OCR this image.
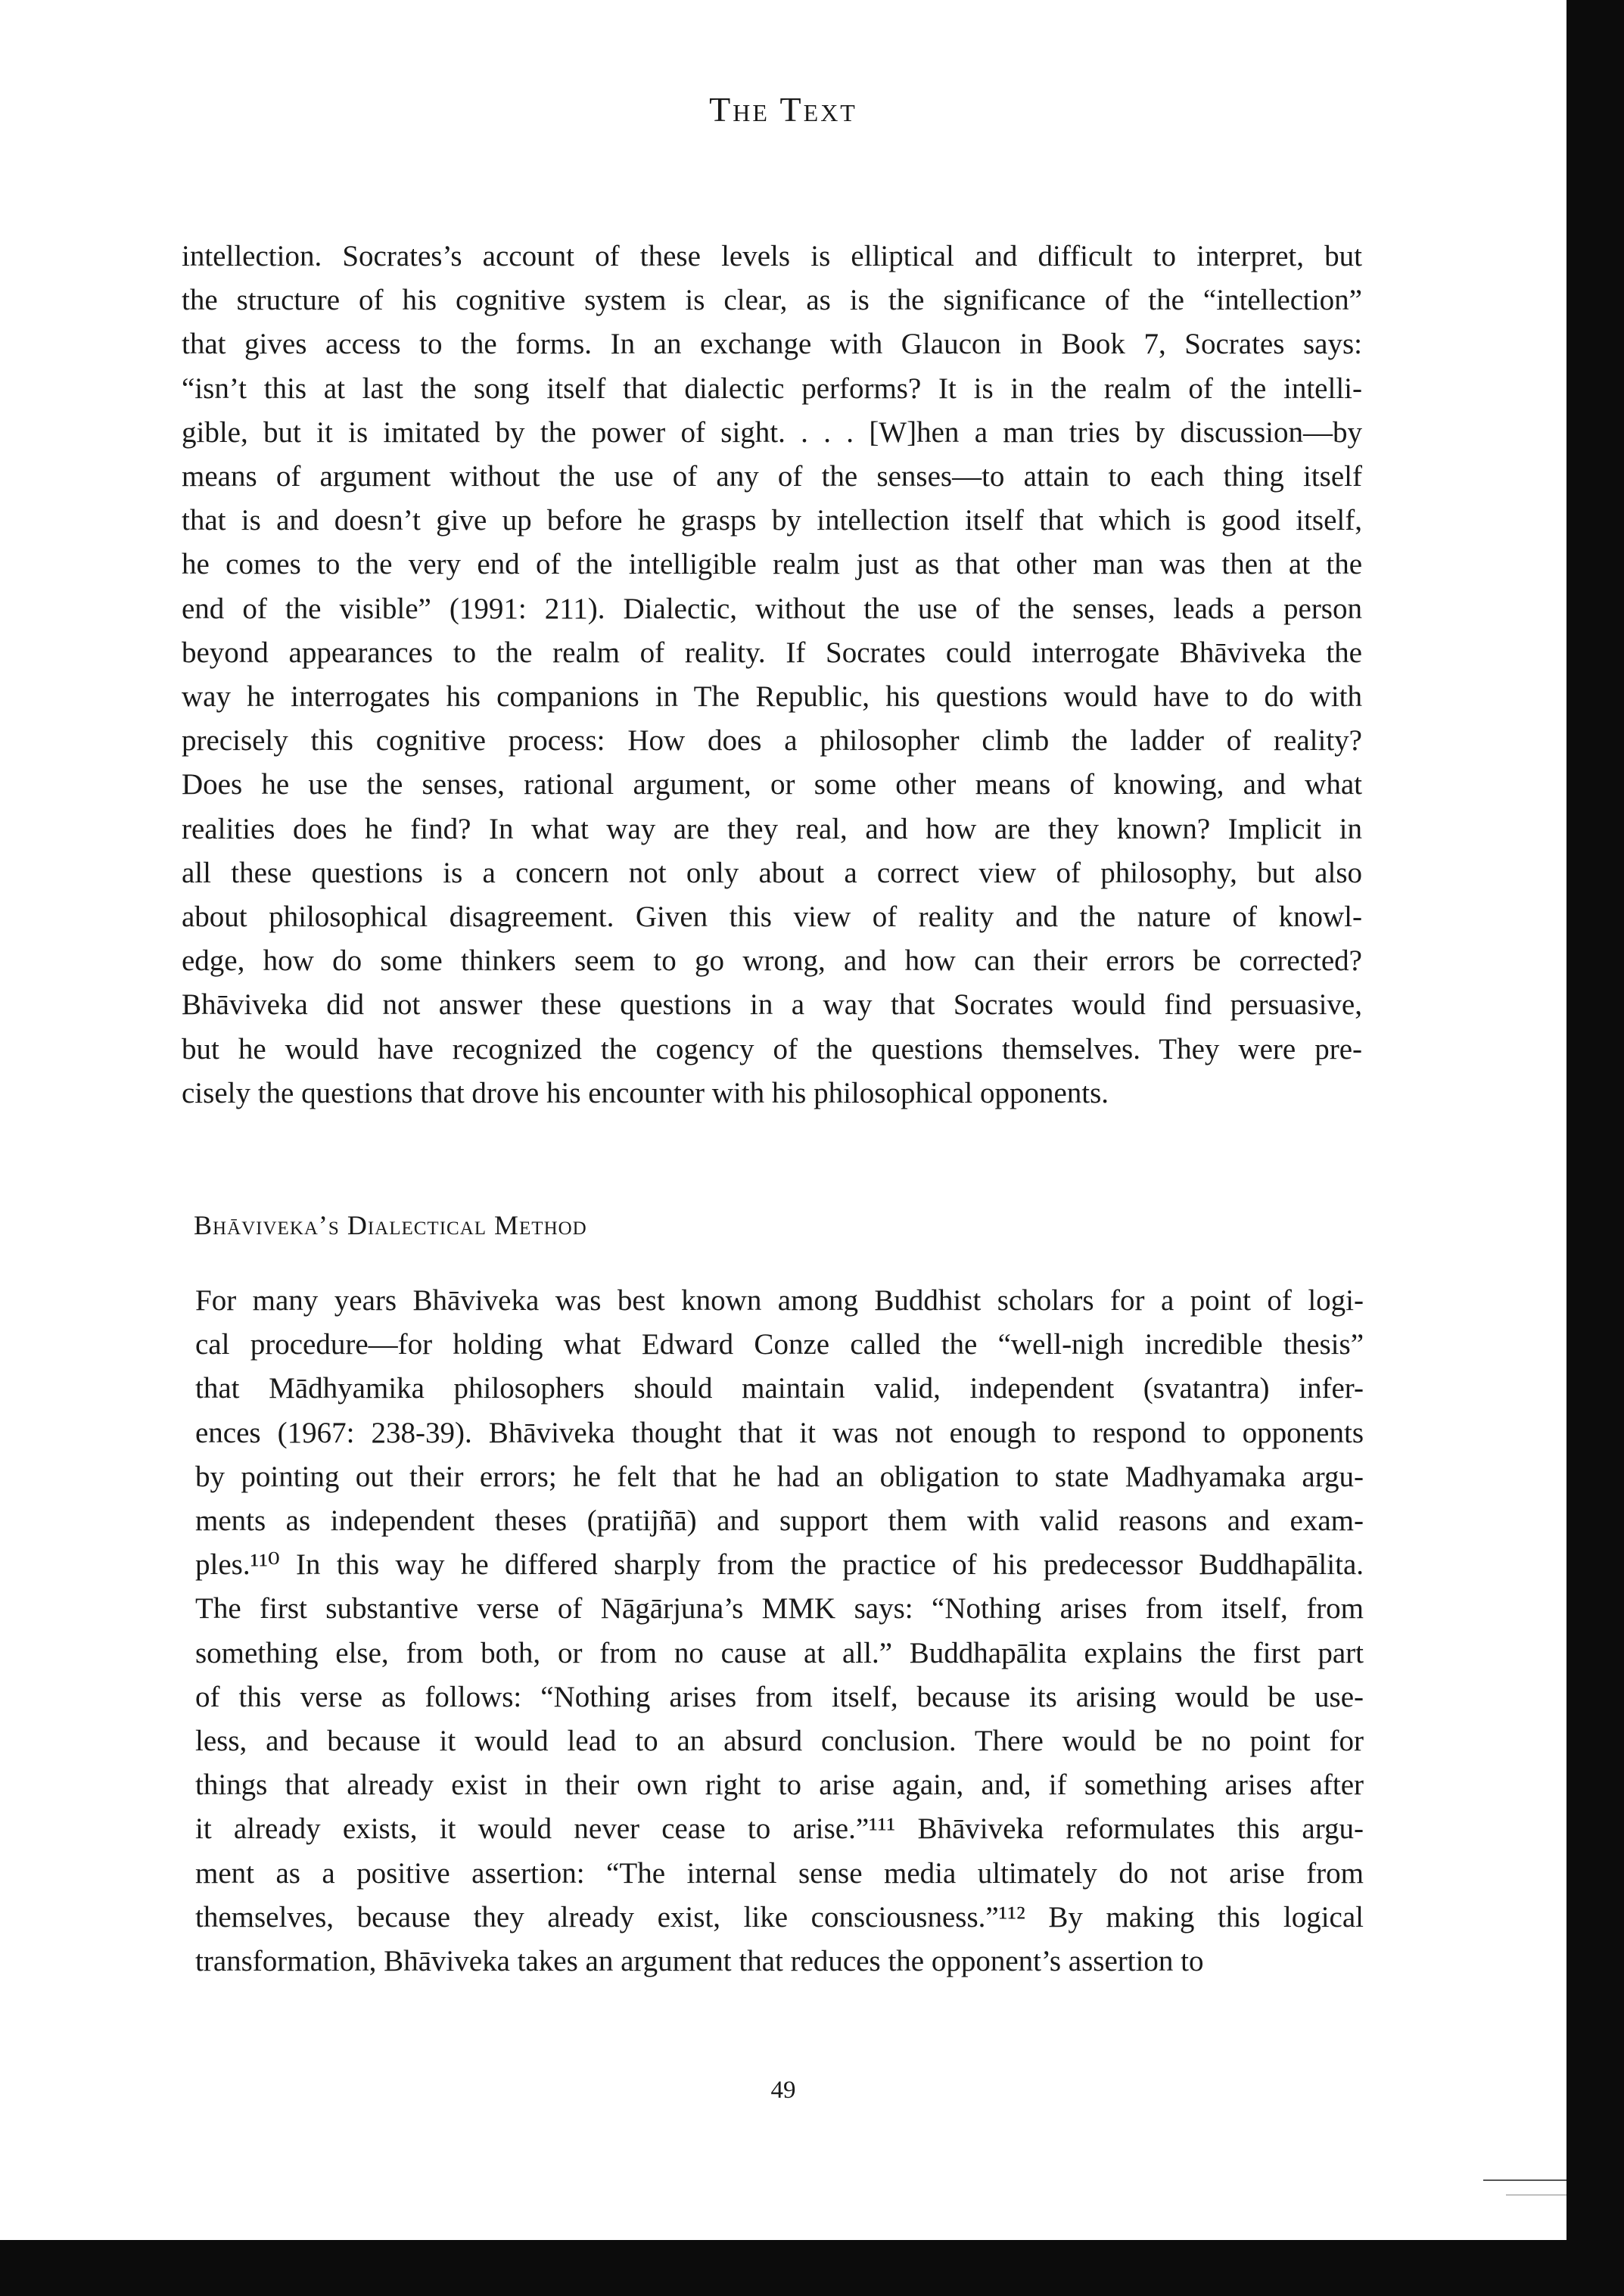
The Text
intellection. Socrates’s account of these levels is elliptical and difficult to interpret, but
the structure of his cognitive system is clear, as is the significance of the “intellection”
that gives access to the forms. In an exchange with Glaucon in Book 7, Socrates says:
“isn’t this at last the song itself that dialectic performs? It is in the realm of the intelli-
gible, but it is imitated by the power of sight. . . . [W]hen a man tries by discussion—by
means of argument without the use of any of the senses—to attain to each thing itself
that is and doesn’t give up before he grasps by intellection itself that which is good itself,
he comes to the very end of the intelligible realm just as that other man was then at the
end of the visible” (1991: 211). Dialectic, without the use of the senses, leads a person
beyond appearances to the realm of reality. If Socrates could interrogate Bhāviveka the
way he interrogates his companions in The Republic, his questions would have to do with
precisely this cognitive process: How does a philosopher climb the ladder of reality?
Does he use the senses, rational argument, or some other means of knowing, and what
realities does he find? In what way are they real, and how are they known? Implicit in
all these questions is a concern not only about a correct view of philosophy, but also
about philosophical disagreement. Given this view of reality and the nature of knowl-
edge, how do some thinkers seem to go wrong, and how can their errors be corrected?
Bhāviveka did not answer these questions in a way that Socrates would find persuasive,
but he would have recognized the cogency of the questions themselves. They were pre-
cisely the questions that drove his encounter with his philosophical opponents.
Bhāviveka’s Dialectical Method
For many years Bhāviveka was best known among Buddhist scholars for a point of logi-
cal procedure—for holding what Edward Conze called the “well-nigh incredible thesis”
that Mādhyamika philosophers should maintain valid, independent (svatantra) infer-
ences (1967: 238-39). Bhāviveka thought that it was not enough to respond to opponents
by pointing out their errors; he felt that he had an obligation to state Madhyamaka argu-
ments as independent theses (pratijñā) and support them with valid reasons and exam-
ples.¹¹⁰ In this way he differed sharply from the practice of his predecessor Buddhapālita.
The first substantive verse of Nāgārjuna’s MMK says: “Nothing arises from itself, from
something else, from both, or from no cause at all.” Buddhapālita explains the first part
of this verse as follows: “Nothing arises from itself, because its arising would be use-
less, and because it would lead to an absurd conclusion. There would be no point for
things that already exist in their own right to arise again, and, if something arises after
it already exists, it would never cease to arise.”¹¹¹ Bhāviveka reformulates this argu-
ment as a positive assertion: “The internal sense media ultimately do not arise from
themselves, because they already exist, like consciousness.”¹¹² By making this logical
transformation, Bhāviveka takes an argument that reduces the opponent’s assertion to
49
